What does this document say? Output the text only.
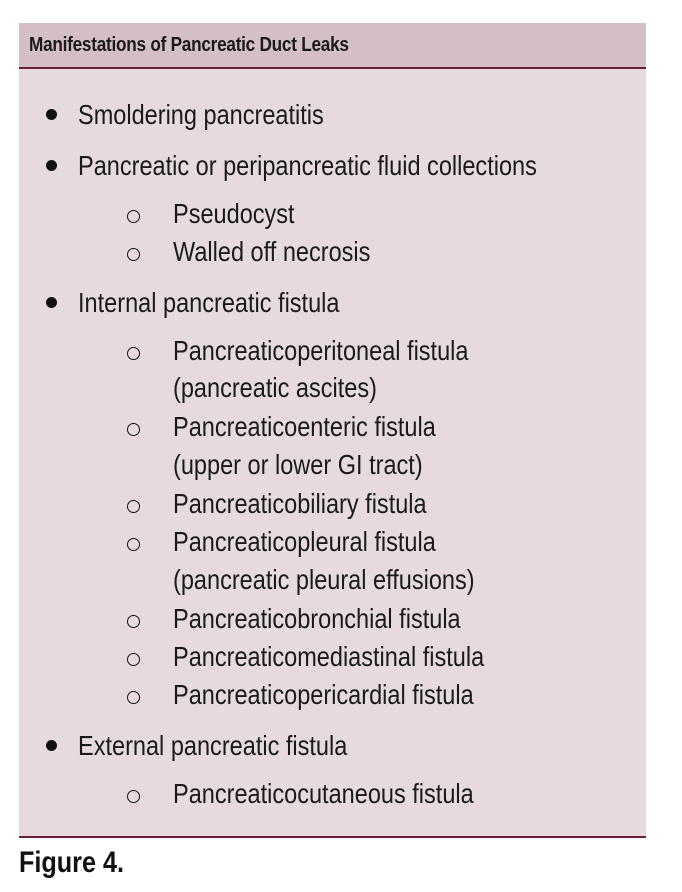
Manifestations of Pancreatic Duct Leaks
Smoldering pancreatitis
Pancreatic or peripancreatic fluid collections
Pseudocyst
Walled off necrosis
Internal pancreatic fistula
Pancreaticoperitoneal fistula
(pancreatic ascites)
Pancreaticoenteric fistula
(upper or lower GI tract)
Pancreaticobiliary fistula
Pancreaticopleural fistula
(pancreatic pleural effusions)
Pancreaticobronchial fistula
Pancreaticomediastinal fistula
Pancreaticopericardial fistula
External pancreatic fistula
Pancreaticocutaneous fistula
Figure 4.
